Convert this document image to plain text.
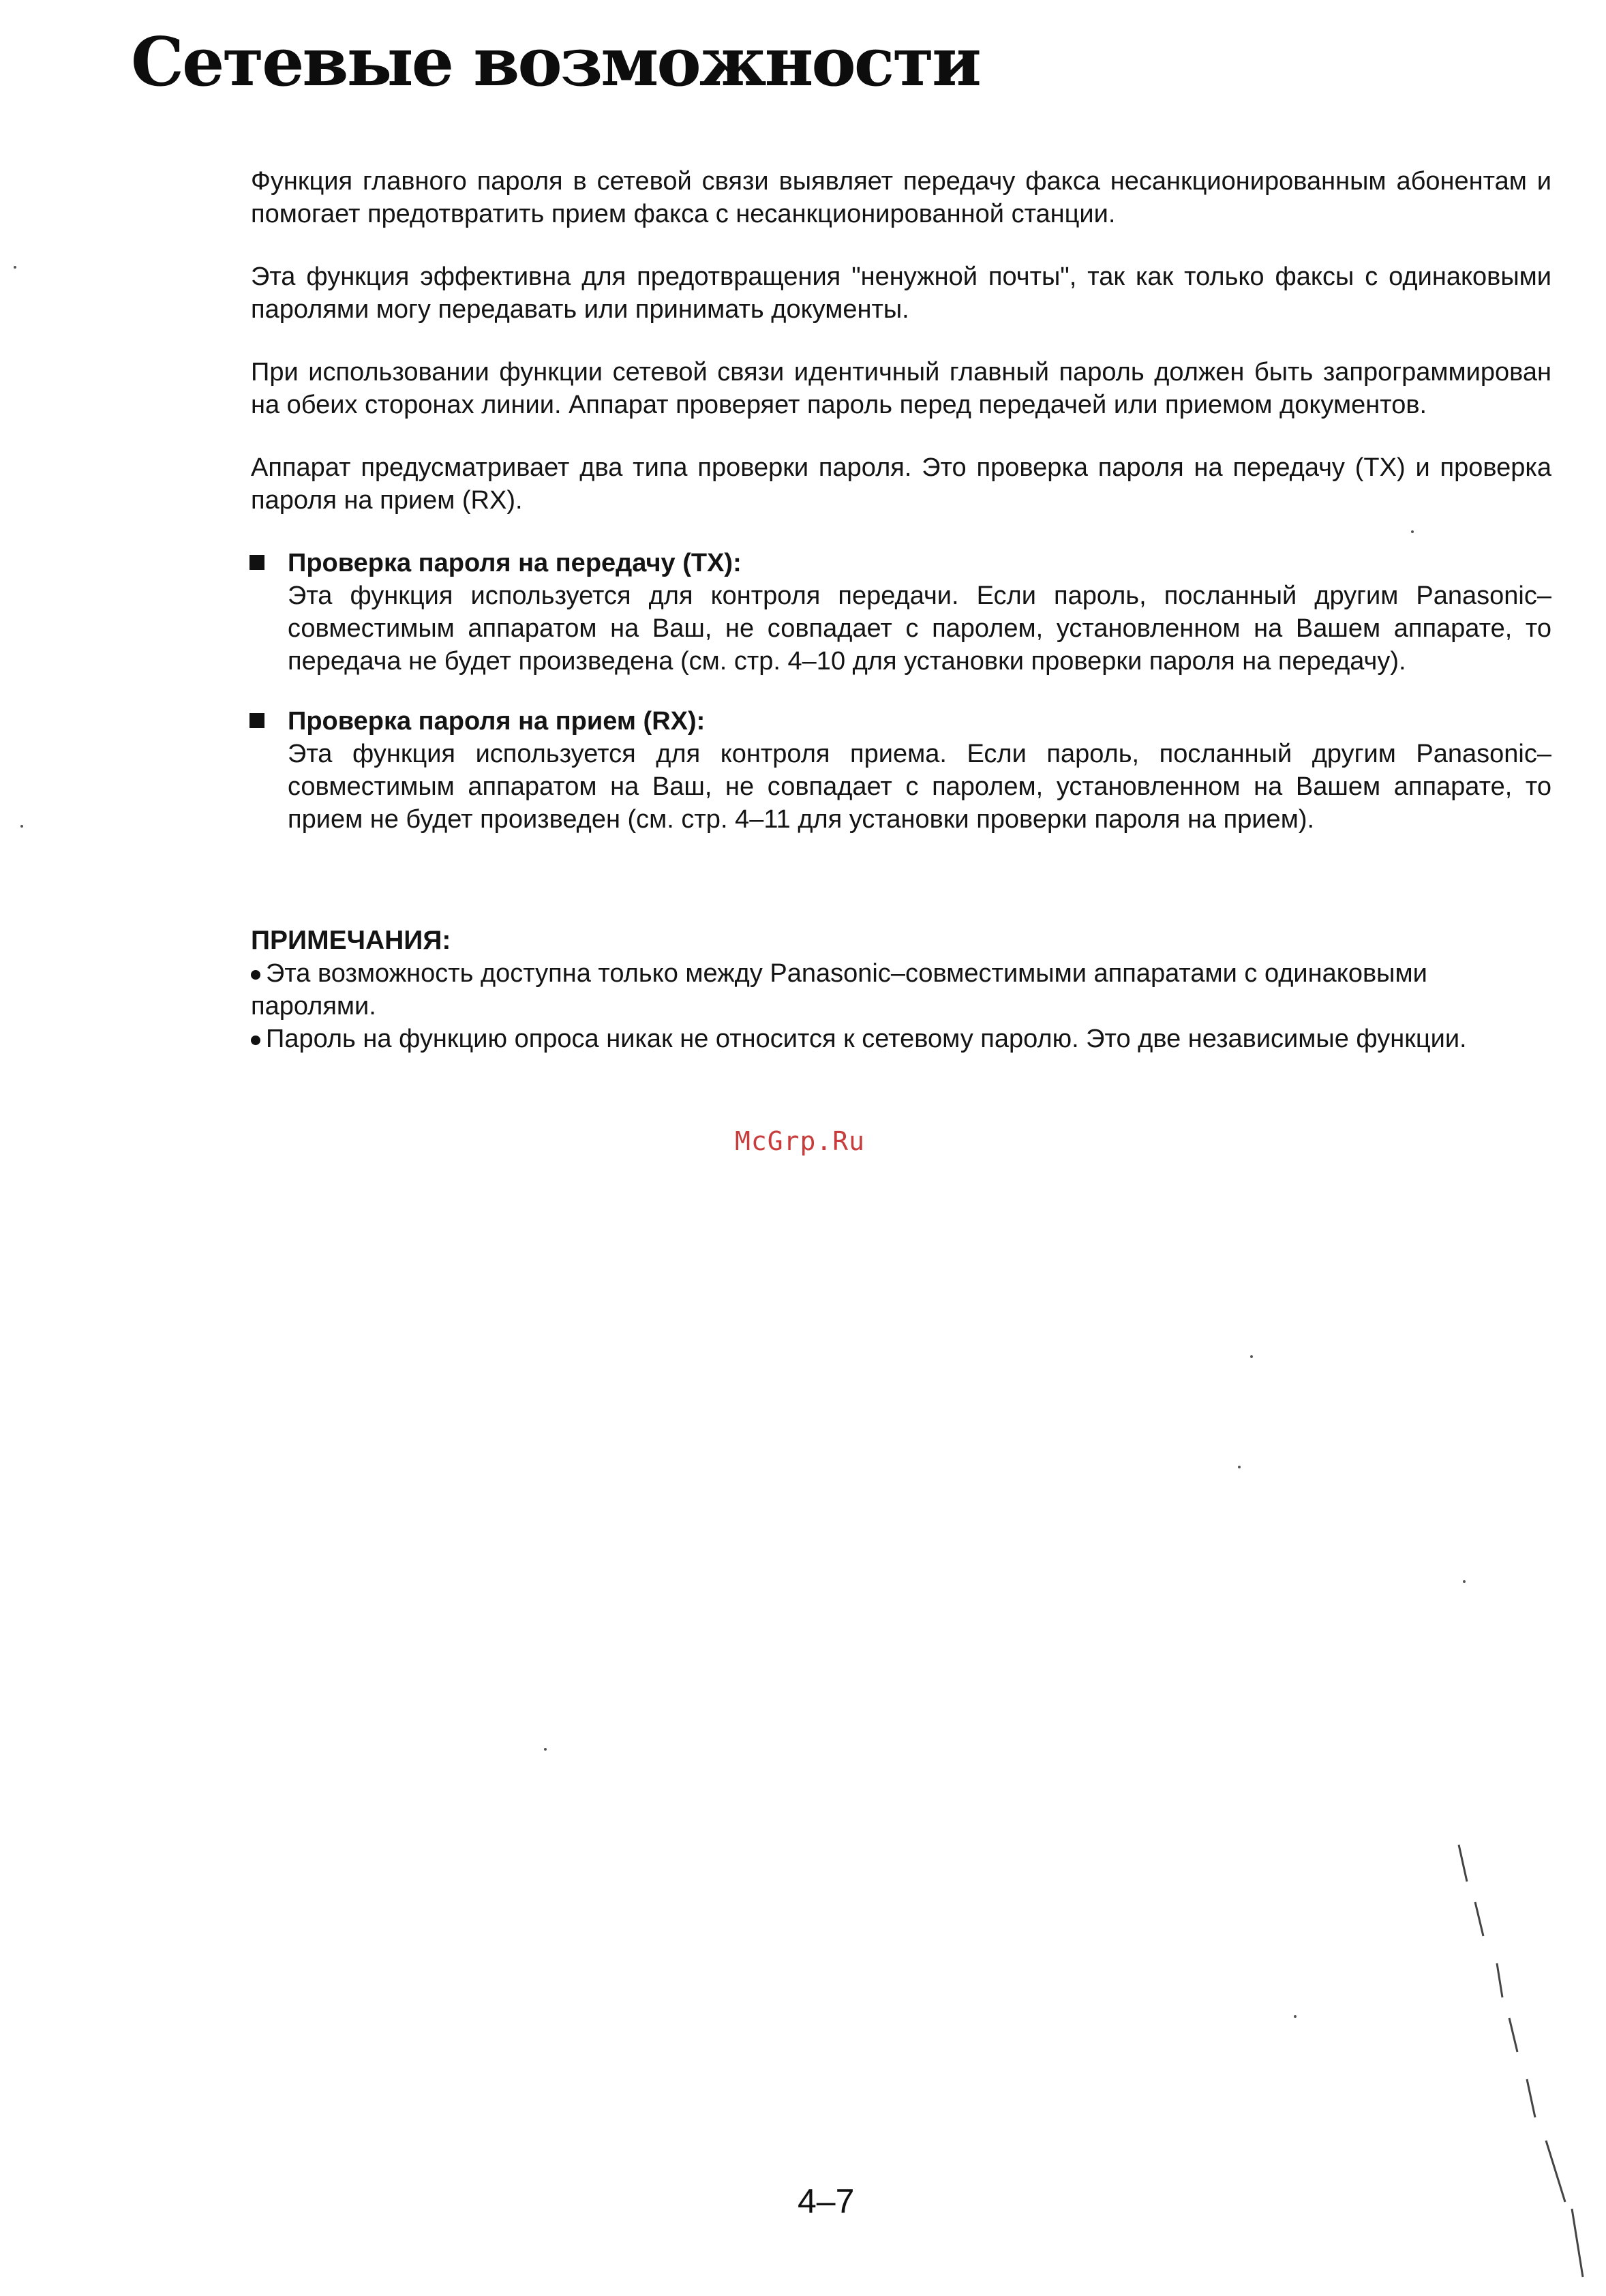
Сетевые возможности

Функция главного пароля в сетевой связи выявляет передачу факса несанкционированным абонентам и помогает предотвратить прием факса с несанкционированной станции.

Эта функция эффективна для предотвращения "ненужной почты", так как только факсы с одинаковыми паролями могу передавать или принимать документы.

При использовании функции сетевой связи идентичный главный пароль должен быть запрограммирован на обеих сторонах линии. Аппарат проверяет пароль перед передачей или приемом документов.

Аппарат предусматривает два типа проверки пароля. Это проверка пароля на передачу (TX) и проверка пароля на прием (RX).

Проверка пароля на передачу (TX):

Эта функция используется для контроля передачи. Если пароль, посланный другим Panasonic–совместимым аппаратом на Ваш, не совпадает с паролем, установленном на Вашем аппарате, то передача не будет произведена (см. стр. 4–10 для установки проверки пароля на передачу).

Проверка пароля на прием (RX):

Эта функция используется для контроля приема. Если пароль, посланный другим Panasonic–совместимым аппаратом на Ваш, не совпадает с паролем, установленном на Вашем аппарате, то прием не будет произведен (см. стр. 4–11 для установки проверки пароля на прием).

ПРИМЕЧАНИЯ:

Эта возможность доступна только между Panasonic–совместимыми аппаратами с одинаковыми паролями.

Пароль на функцию опроса никак не относится к сетевому паролю. Это две независимые функции.

McGrp.Ru
4–7
